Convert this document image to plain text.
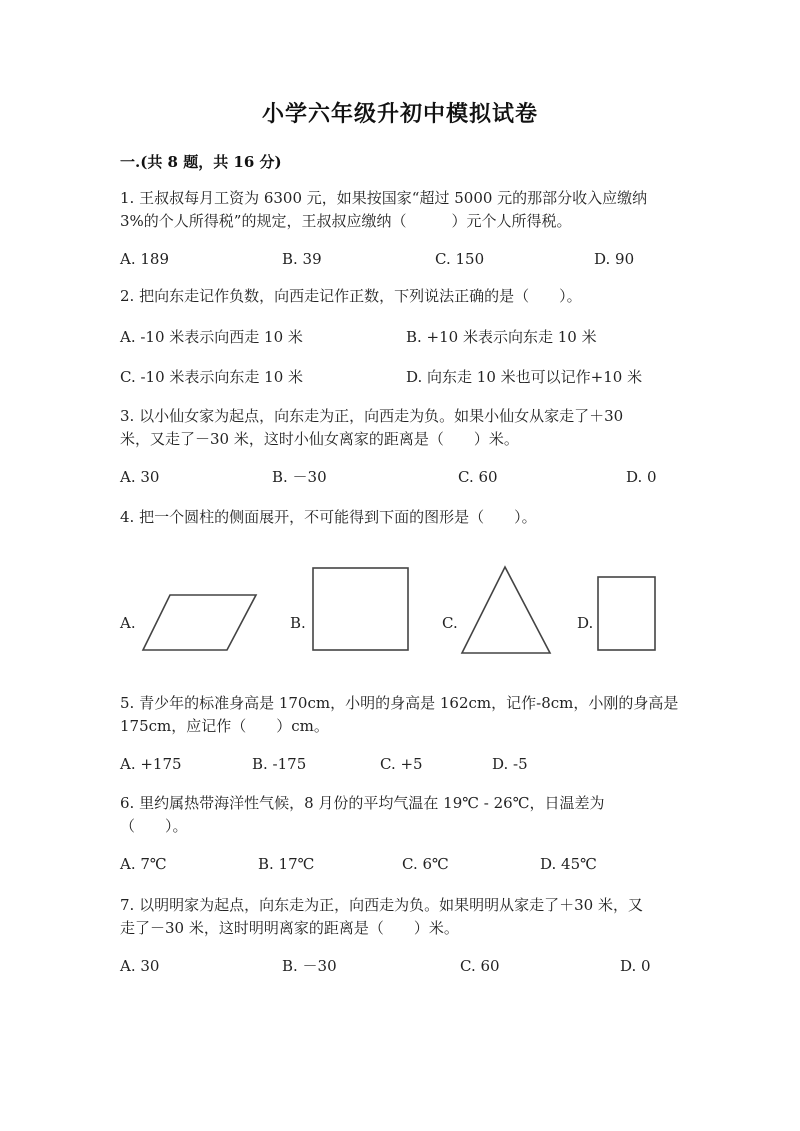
小学六年级升初中模拟试卷
一.(共 8 题，共 16 分)
1. 王叔叔每月工资为 6300 元，如果按国家“超过 5000 元的那部分收入应缴纳
3%的个人所得税”的规定，王叔叔应缴纳（　　　）元个人所得税。
A. 189	B. 39	C. 150	D. 90
2. 把向东走记作负数，向西走记作正数，下列说法正确的是（　　）。
A. -10 米表示向西走 10 米	B. +10 米表示向东走 10 米
C. -10 米表示向东走 10 米	D. 向东走 10 米也可以记作+10 米
3. 以小仙女家为起点，向东走为正，向西走为负。如果小仙女从家走了＋30
米，又走了－30 米，这时小仙女离家的距离是（　　）米。
A. 30	B. －30	C. 60	D. 0
4. 把一个圆柱的侧面展开，不可能得到下面的图形是（　　）。
A.	B.	C.	D.
5. 青少年的标准身高是 170cm，小明的身高是 162cm，记作-8cm，小刚的身高是
175cm，应记作（　　）cm。
A. +175	B. -175	C. +5	D. -5
6. 里约属热带海洋性气候，8 月份的平均气温在 19℃ - 26℃，日温差为
（　　）。
A. 7℃	B. 17℃	C. 6℃	D. 45℃
7. 以明明家为起点，向东走为正，向西走为负。如果明明从家走了＋30 米，又
走了－30 米，这时明明离家的距离是（　　）米。
A. 30	B. －30	C. 60	D. 0
